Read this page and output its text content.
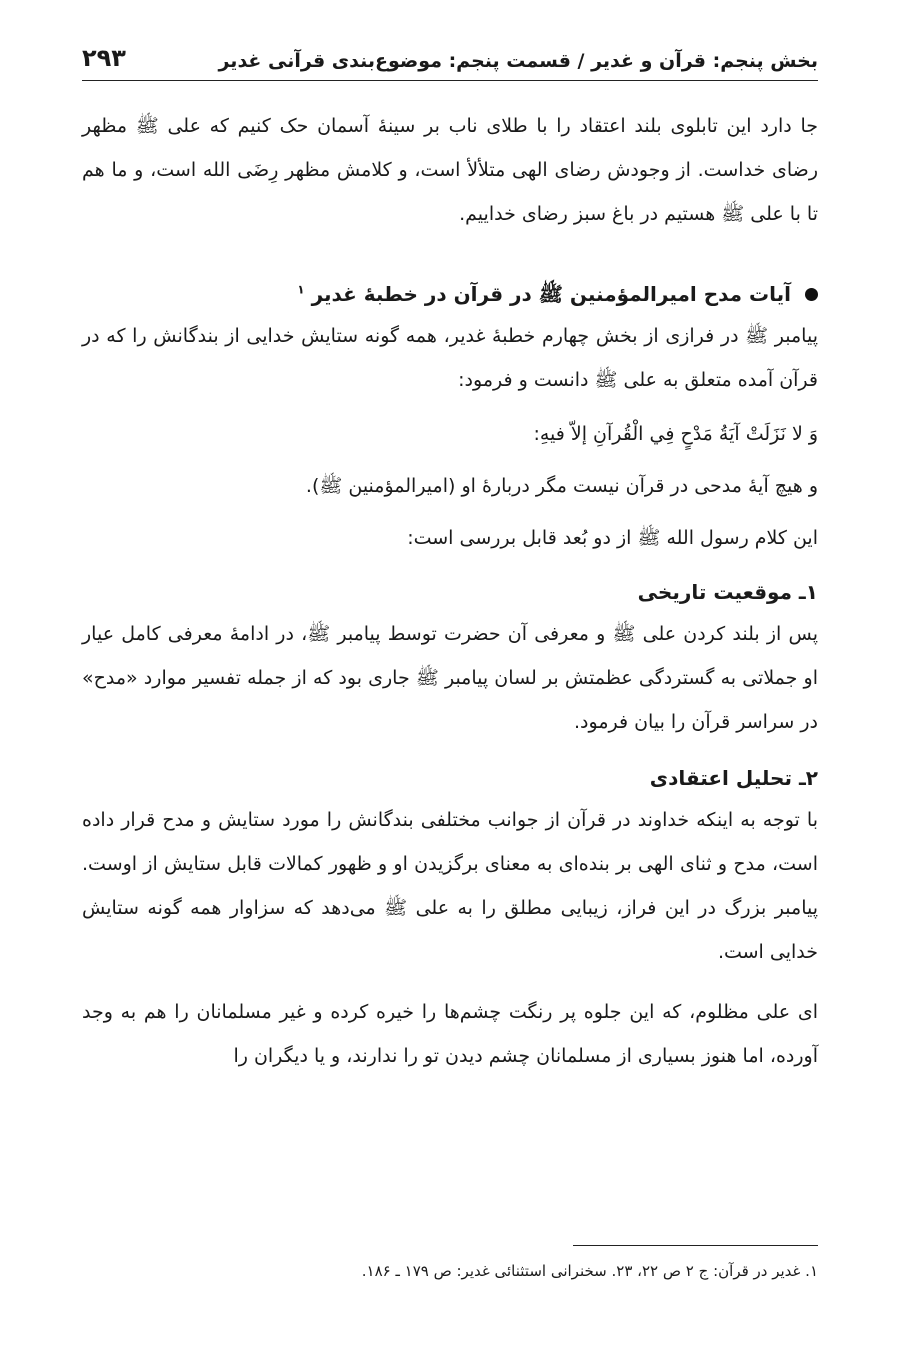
بخش پنجم: قرآن و غدیر / قسمت پنجم: موضوع‌بندی قرآنی غدیر
۲۹۳

جا دارد این تابلوی بلند اعتقاد را با طلای ناب بر سینهٔ آسمان حک کنیم که علی ﷺ مظهر رضای خداست. از وجودش رضای الهی متلألأ است، و کلامش مظهر رِضَی الله است، و ما هم تا با علی ﷺ هستیم در باغ سبز رضای خداییم.

آیات مدح امیرالمؤمنین ﷺ در قرآن در خطبهٔ غدیر $^۱$

پیامبر ﷺ در فرازی از بخش چهارم خطبهٔ غدیر، همه گونه ستایش خدایی از بندگانش را که در قرآن آمده متعلق به علی ﷺ دانست و فرمود:

وَ لا نَزَلَتْ آيَةُ مَدْحٍ فِي الْقُرآنِ إلاّ فيهِ:

و هیچ آیهٔ مدحی در قرآن نیست مگر دربارهٔ او (امیرالمؤمنین ﷺ).

این کلام رسول الله ﷺ از دو بُعد قابل بررسی است:

۱ـ موقعیت تاریخی

پس از بلند کردن علی ﷺ و معرفی آن حضرت توسط پیامبر ﷺ، در ادامهٔ معرفی کامل عیار او جملاتی به گستردگی عظمتش بر لسان پیامبر ﷺ جاری بود که از جمله تفسیر موارد «مدح» در سراسر قرآن را بیان فرمود.

۲ـ تحلیل اعتقادی

با توجه به اینکه خداوند در قرآن از جوانب مختلفی بندگانش را مورد ستایش و مدح قرار داده است، مدح و ثنای الهی بر بنده‌ای به معنای برگزیدن او و ظهور کمالات قابل ستایش از اوست. پیامبر بزرگ در این فراز، زیبایی مطلق را به علی ﷺ می‌دهد که سزاوار همه گونه ستایش خدایی است.

ای علی مظلوم، که این جلوه پر رنگت چشم‌ها را خیره کرده و غیر مسلمانان را هم به وجد آورده، اما هنوز بسیاری از مسلمانان چشم دیدن تو را ندارند، و یا دیگران را

۱. غدیر در قرآن: ج ۲ ص ۲۲، ۲۳. سخنرانی استثنائی غدیر: ص ۱۷۹ ـ ۱۸۶.
